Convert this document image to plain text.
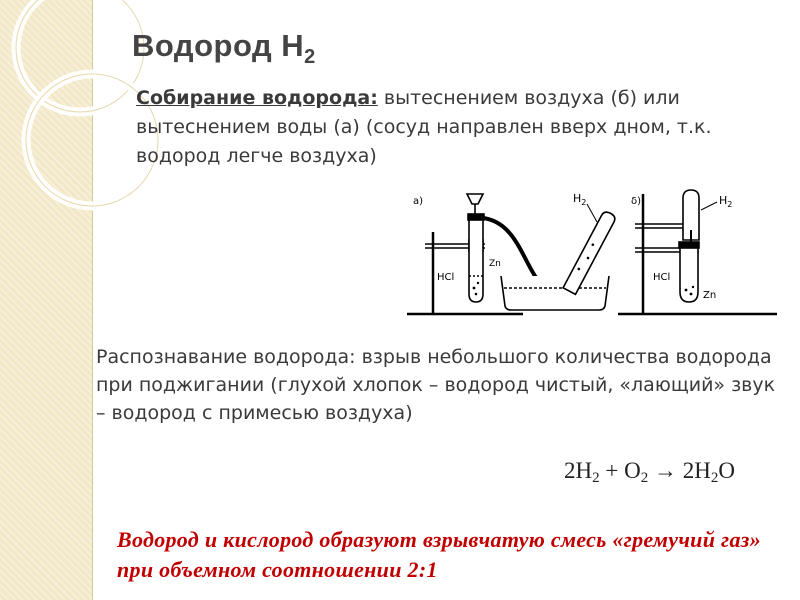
Водород $Н_2$
Собирание водорода: вытеснением воздуха (б) или вытеснением воды (а) (сосуд направлен вверх дном, т.к. водород легче воздуха)
а)
HCl
Zn
$H_2$	δ)
HCl
Zn
$H_2$
Распознавание водорода: взрыв небольшого количества водорода при поджигании (глухой хлопок – водород чистый, «лающий» звук – водород с примесью воздуха)
$2H_2 + O_2 \to 2H_2O$
Водород и кислород образуют взрывчатую смесь «гремучий газ» при объемном соотношении 2:1
